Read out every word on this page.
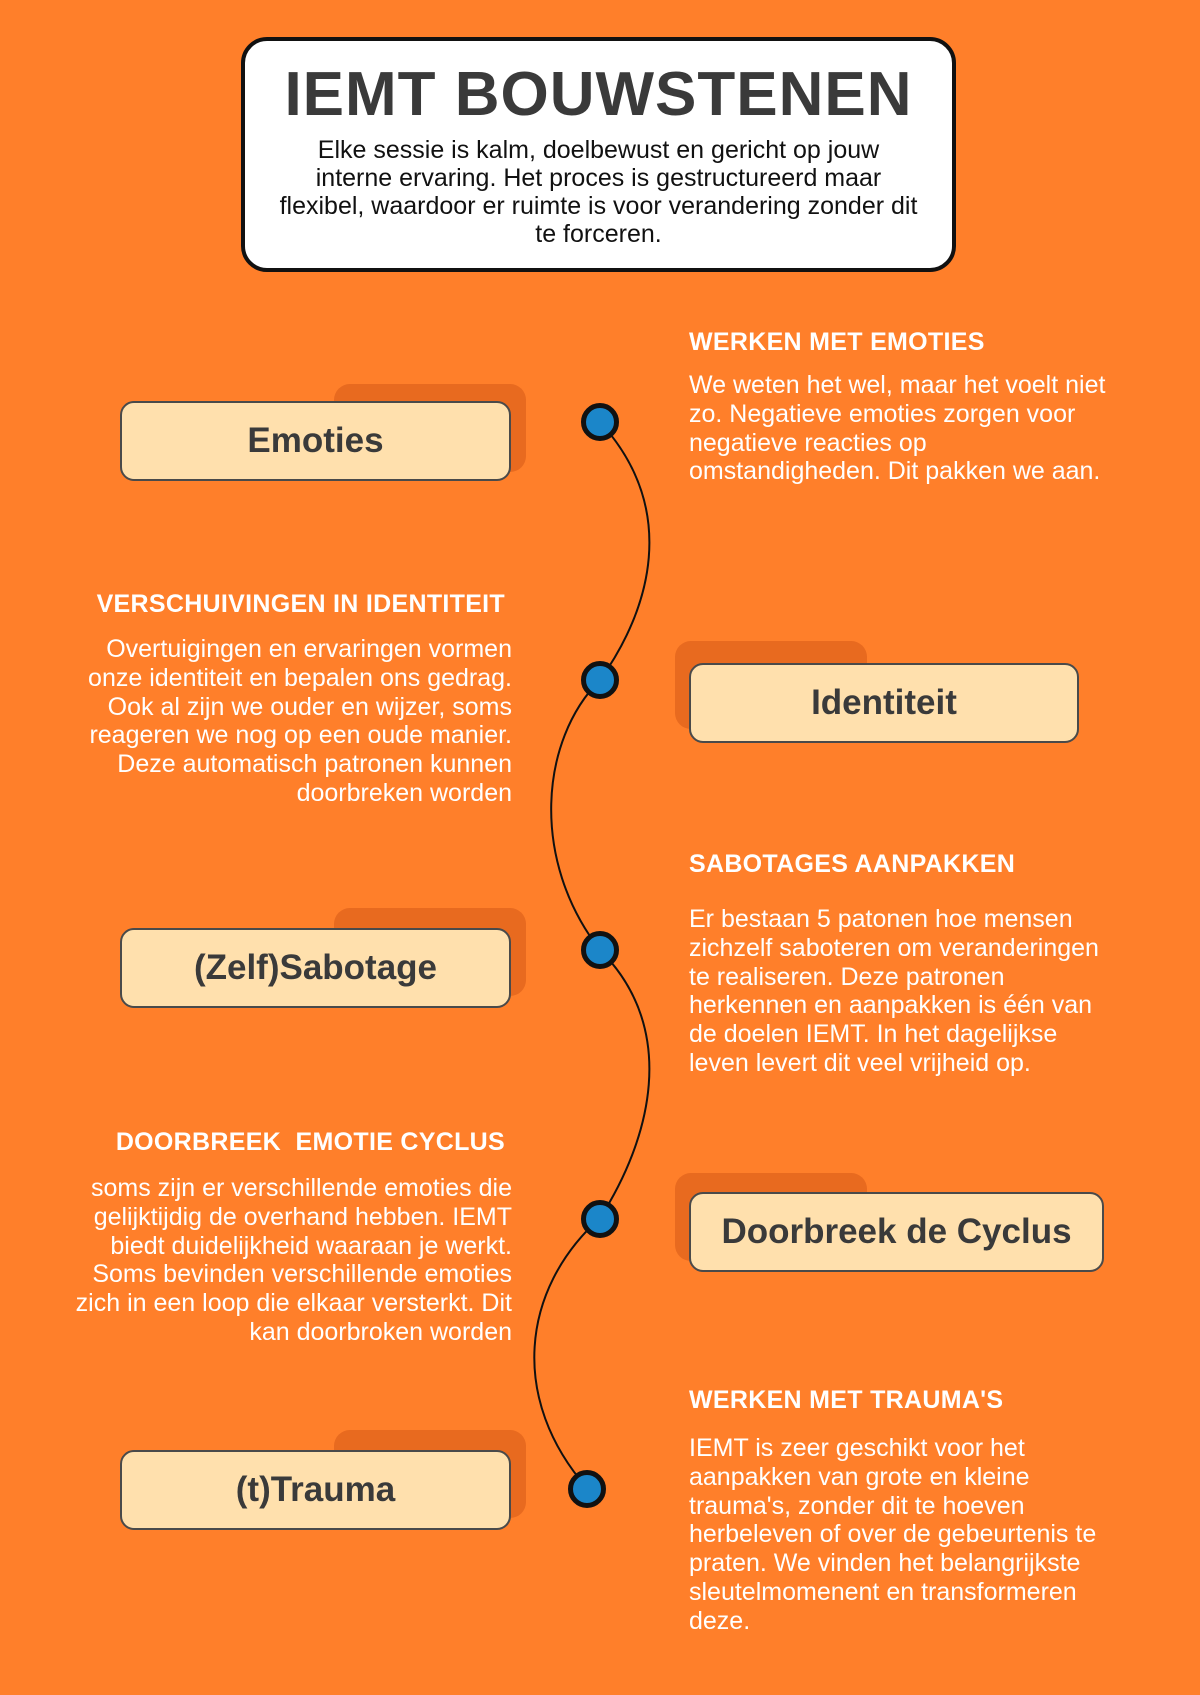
IEMT BOUWSTENEN
Elke sessie is kalm, doelbewust en gericht op jouw interne ervaring. Het proces is gestructureerd maar flexibel, waardoor er ruimte is voor verandering zonder dit te forceren.
Emoties
Identiteit
(Zelf)Sabotage
Doorbreek de Cyclus
(t)Trauma
WERKEN MET EMOTIES
We weten het wel, maar het voelt niet zo. Negatieve emoties zorgen voor negatieve reacties op omstandigheden. Dit pakken we aan.
VERSCHUIVINGEN IN IDENTITEIT
Overtuigingen en ervaringen vormen onze identiteit en bepalen ons gedrag. Ook al zijn we ouder en wijzer, soms reageren we nog op een oude manier. Deze automatisch patronen kunnen doorbreken worden
SABOTAGES AANPAKKEN
Er bestaan 5 patonen hoe mensen zichzelf saboteren om veranderingen te realiseren. Deze patronen herkennen en aanpakken is één van de doelen IEMT. In het dagelijkse leven levert dit veel vrijheid op.
DOORBREEK  EMOTIE CYCLUS
soms zijn er verschillende emoties die gelijktijdig de overhand hebben. IEMT biedt duidelijkheid waaraan je werkt. Soms bevinden verschillende emoties zich in een loop die elkaar versterkt. Dit kan doorbroken worden
WERKEN MET TRAUMA'S
IEMT is zeer geschikt voor het aanpakken van grote en kleine trauma's, zonder dit te hoeven herbeleven of over de gebeurtenis te praten. We vinden het belangrijkste sleutelmomenent en transformeren deze.
